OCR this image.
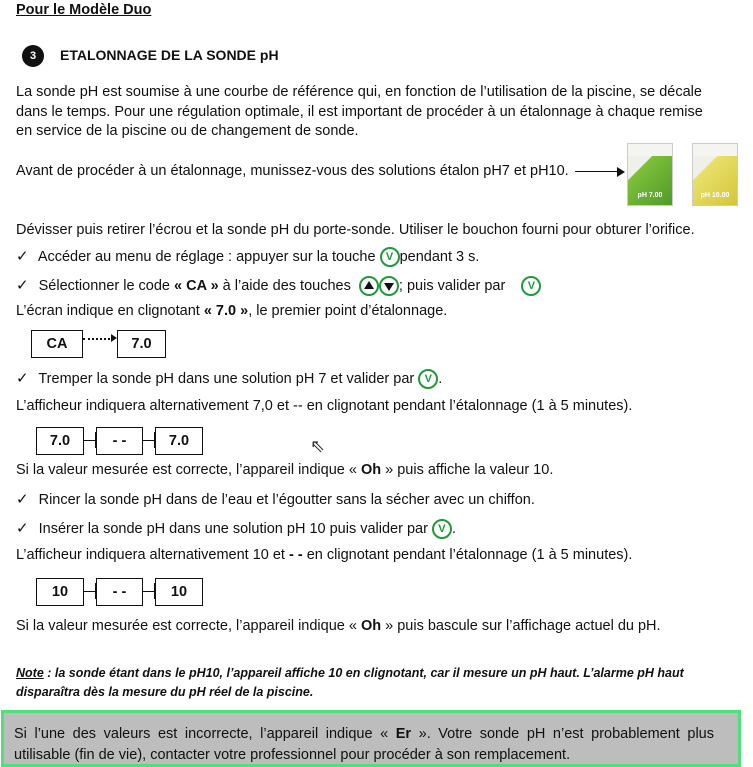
Pour le Modèle Duo
3	ETALONNAGE DE LA SONDE pH
La sonde pH est soumise à une courbe de référence qui, en fonction de l’utilisation de la piscine, se décale dans le temps. Pour une régulation optimale, il est important de procéder à un étalonnage à chaque remise en service de la piscine ou de changement de sonde.
Avant de procéder à un étalonnage, munissez-vous des solutions étalon pH7 et pH10.
pH 7.00	pH 10.00
Dévisser puis retirer l’écrou et la sonde pH du porte-sonde. Utiliser le bouchon fourni pour obturer l’orifice.
✓ Accéder au menu de réglage : appuyer sur la touche V pendant 3 s.
✓ Sélectionner le code « CA » à l’aide des touches	; puis valider par V
L’écran indique en clignotant « 7.0 », le premier point d’étalonnage.
CA	7.0
✓ Tremper la sonde pH dans une solution pH 7 et valider par V .
L’afficheur indiquera alternativement 7,0 et -- en clignotant pendant l’étalonnage (1 à 5 minutes).
7.0	- -	7.0	⇖
Si la valeur mesurée est correcte, l’appareil indique « Oh » puis affiche la valeur 10.
✓ Rincer la sonde pH dans de l’eau et l’égoutter sans la sécher avec un chiffon.
✓ Insérer la sonde pH dans une solution pH 10 puis valider par V .
L’afficheur indiquera alternativement 10 et - - en clignotant pendant l’étalonnage (1 à 5 minutes).
10	- -	10
Si la valeur mesurée est correcte, l’appareil indique « Oh » puis bascule sur l’affichage actuel du pH.
Note : la sonde étant dans le pH10, l’appareil affiche 10 en clignotant, car il mesure un pH haut. L’alarme pH haut disparaîtra dès la mesure du pH réel de la piscine.
Si l’une des valeurs est incorrecte, l’appareil indique « Er ». Votre sonde pH n’est probablement plus utilisable (fin de vie), contacter votre professionnel pour procéder à son remplacement.
